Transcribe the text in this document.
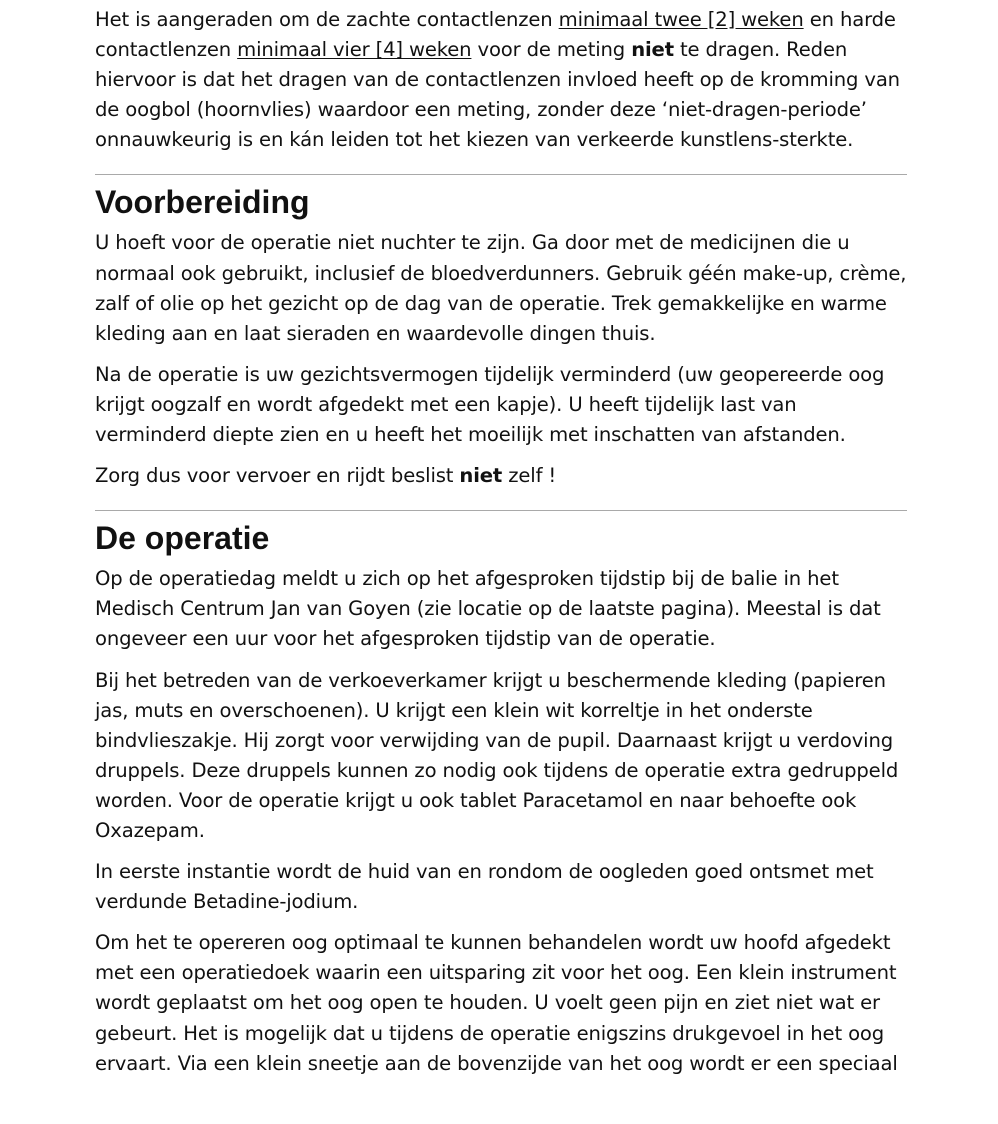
Het is aangeraden om de zachte contactlenzen minimaal twee [2] weken en harde contactlenzen minimaal vier [4] weken voor de meting niet te dragen. Reden hiervoor is dat het dragen van de contactlenzen invloed heeft op de kromming van de oogbol (hoornvlies) waardoor een meting, zonder deze ‘niet-dragen-periode’ onnauwkeurig is en kán leiden tot het kiezen van verkeerde kunstlens-sterkte.

Voorbereiding

U hoeft voor de operatie niet nuchter te zijn. Ga door met de medicijnen die u normaal ook gebruikt, inclusief de bloedverdunners. Gebruik géén make-up, crème, zalf of olie op het gezicht op de dag van de operatie. Trek gemakkelijke en warme kleding aan en laat sieraden en waardevolle dingen thuis.

Na de operatie is uw gezichtsvermogen tijdelijk verminderd (uw geopereerde oog krijgt oogzalf en wordt afgedekt met een kapje). U heeft tijdelijk last van verminderd diepte zien en u heeft het moeilijk met inschatten van afstanden.

Zorg dus voor vervoer en rijdt beslist niet zelf !

De operatie

Op de operatiedag meldt u zich op het afgesproken tijdstip bij de balie in het Medisch Centrum Jan van Goyen (zie locatie op de laatste pagina). Meestal is dat ongeveer een uur voor het afgesproken tijdstip van de operatie.

Bij het betreden van de verkoeverkamer krijgt u beschermende kleding (papieren jas, muts en overschoenen). U krijgt een klein wit korreltje in het onderste bindvlieszakje. Hij zorgt voor verwijding van de pupil. Daarnaast krijgt u verdoving druppels. Deze druppels kunnen zo nodig ook tijdens de operatie extra gedruppeld worden. Voor de operatie krijgt u ook tablet Paracetamol en naar behoefte ook Oxazepam.

In eerste instantie wordt de huid van en rondom de oogleden goed ontsmet met verdunde Betadine-jodium.

Om het te opereren oog optimaal te kunnen behandelen wordt uw hoofd afgedekt met een operatiedoek waarin een uitsparing zit voor het oog. Een klein instrument wordt geplaatst om het oog open te houden. U voelt geen pijn en ziet niet wat er gebeurt. Het is mogelijk dat u tijdens de operatie enigszins drukgevoel in het oog ervaart. Via een klein sneetje aan de bovenzijde van het oog wordt er een speciaal
